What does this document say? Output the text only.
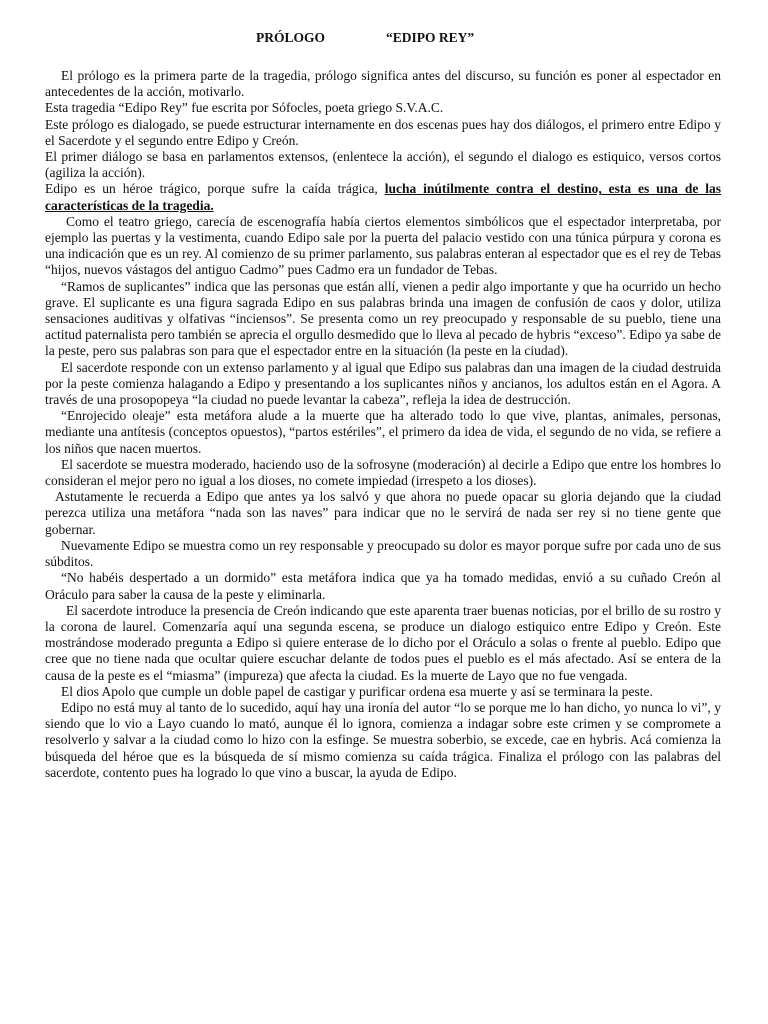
PRÓLOGO	“EDIPO REY”

El prólogo es la primera parte de la tragedia, prólogo significa antes del discurso, su función es poner al espectador en antecedentes de la acción, motivarlo.

Esta tragedia “Edipo Rey” fue escrita por Sófocles, poeta griego S.V.A.C.

Este prólogo es dialogado, se puede estructurar internamente en dos escenas pues hay dos diálogos, el primero entre Edipo y el Sacerdote y el segundo entre Edipo y Creón.

El primer diálogo se basa en parlamentos extensos, (enlentece la acción), el segundo el dialogo es estiquico, versos cortos (agiliza la acción).

Edipo es un héroe trágico, porque sufre la caída trágica, lucha inútilmente contra el destino, esta es una de las características de la tragedia.

Como el teatro griego, carecía de escenografía había ciertos elementos simbólicos que el espectador interpretaba, por ejemplo las puertas y la vestimenta, cuando Edipo sale por la puerta del palacio vestido con una túnica púrpura y corona es una indicación que es un rey. Al comienzo de su primer parlamento, sus palabras enteran al espectador que es el rey de Tebas “hijos, nuevos vástagos del antiguo Cadmo” pues Cadmo era un fundador de Tebas.

“Ramos de suplicantes” indica que las personas que están allí, vienen a pedir algo importante y que ha ocurrido un hecho grave. El suplicante es una figura sagrada Edipo en sus palabras brinda una imagen de confusión de caos y dolor, utiliza sensaciones auditivas y olfativas “inciensos”. Se presenta como un rey preocupado y responsable de su pueblo, tiene una actitud paternalista pero también se aprecia el orgullo desmedido que lo lleva al pecado de hybris “exceso”. Edipo ya sabe de la peste, pero sus palabras son para que el espectador entre en la situación (la peste en la ciudad).

El sacerdote responde con un extenso parlamento y al igual que Edipo sus palabras dan una imagen de la ciudad destruida por la peste comienza halagando a Edipo y presentando a los suplicantes niños y ancianos, los adultos están en el Agora. A través de una prosopopeya “la ciudad no puede levantar la cabeza”, refleja la idea de destrucción.

“Enrojecido oleaje” esta metáfora alude a la muerte que ha alterado todo lo que vive, plantas, animales, personas, mediante una antítesis (conceptos opuestos), “partos estériles”, el primero da idea de vida, el segundo de no vida, se refiere a los niños que nacen muertos.

El sacerdote se muestra moderado, haciendo uso de la sofrosyne (moderación) al decirle a Edipo que entre los hombres lo consideran el mejor pero no igual a los dioses, no comete impiedad (irrespeto a los dioses).

Astutamente le recuerda a Edipo que antes ya los salvó y que ahora no puede opacar su gloria dejando que la ciudad perezca utiliza una metáfora “nada son las naves” para indicar que no le servirá de nada ser rey si no tiene gente que gobernar.

Nuevamente Edipo se muestra como un rey responsable y preocupado su dolor es mayor porque sufre por cada uno de sus súbditos.

“No habéis despertado a un dormido” esta metáfora indica que ya ha tomado medidas, envió a su cuñado Creón al Oráculo para saber la causa de la peste y eliminarla.

El sacerdote introduce la presencia de Creón indicando que este aparenta traer buenas noticias, por el brillo de su rostro y la corona de laurel. Comenzaría aquí una segunda escena, se produce un dialogo estiquico entre Edipo y Creón. Este mostrándose moderado pregunta a Edipo si quiere enterase de lo dicho por el Oráculo a solas o frente al pueblo. Edipo que cree que no tiene nada que ocultar quiere escuchar delante de todos pues el pueblo es el más afectado. Así se entera de la causa de la peste es el “miasma” (impureza) que afecta la ciudad. Es la muerte de Layo que no fue vengada.

El dios Apolo que cumple un doble papel de castigar y purificar ordena esa muerte y así se terminara la peste.

Edipo no está muy al tanto de lo sucedido, aquí hay una ironía del autor “lo se porque me lo han dicho, yo nunca lo vi”, y siendo que lo vio a Layo cuando lo mató, aunque él lo ignora, comienza a indagar sobre este crimen y se compromete a resolverlo y salvar a la ciudad como lo hizo con la esfinge. Se muestra soberbio, se excede, cae en hybris. Acá comienza la búsqueda del héroe que es la búsqueda de sí mismo comienza su caída trágica. Finaliza el prólogo con las palabras del sacerdote, contento pues ha logrado lo que vino a buscar, la ayuda de Edipo.
